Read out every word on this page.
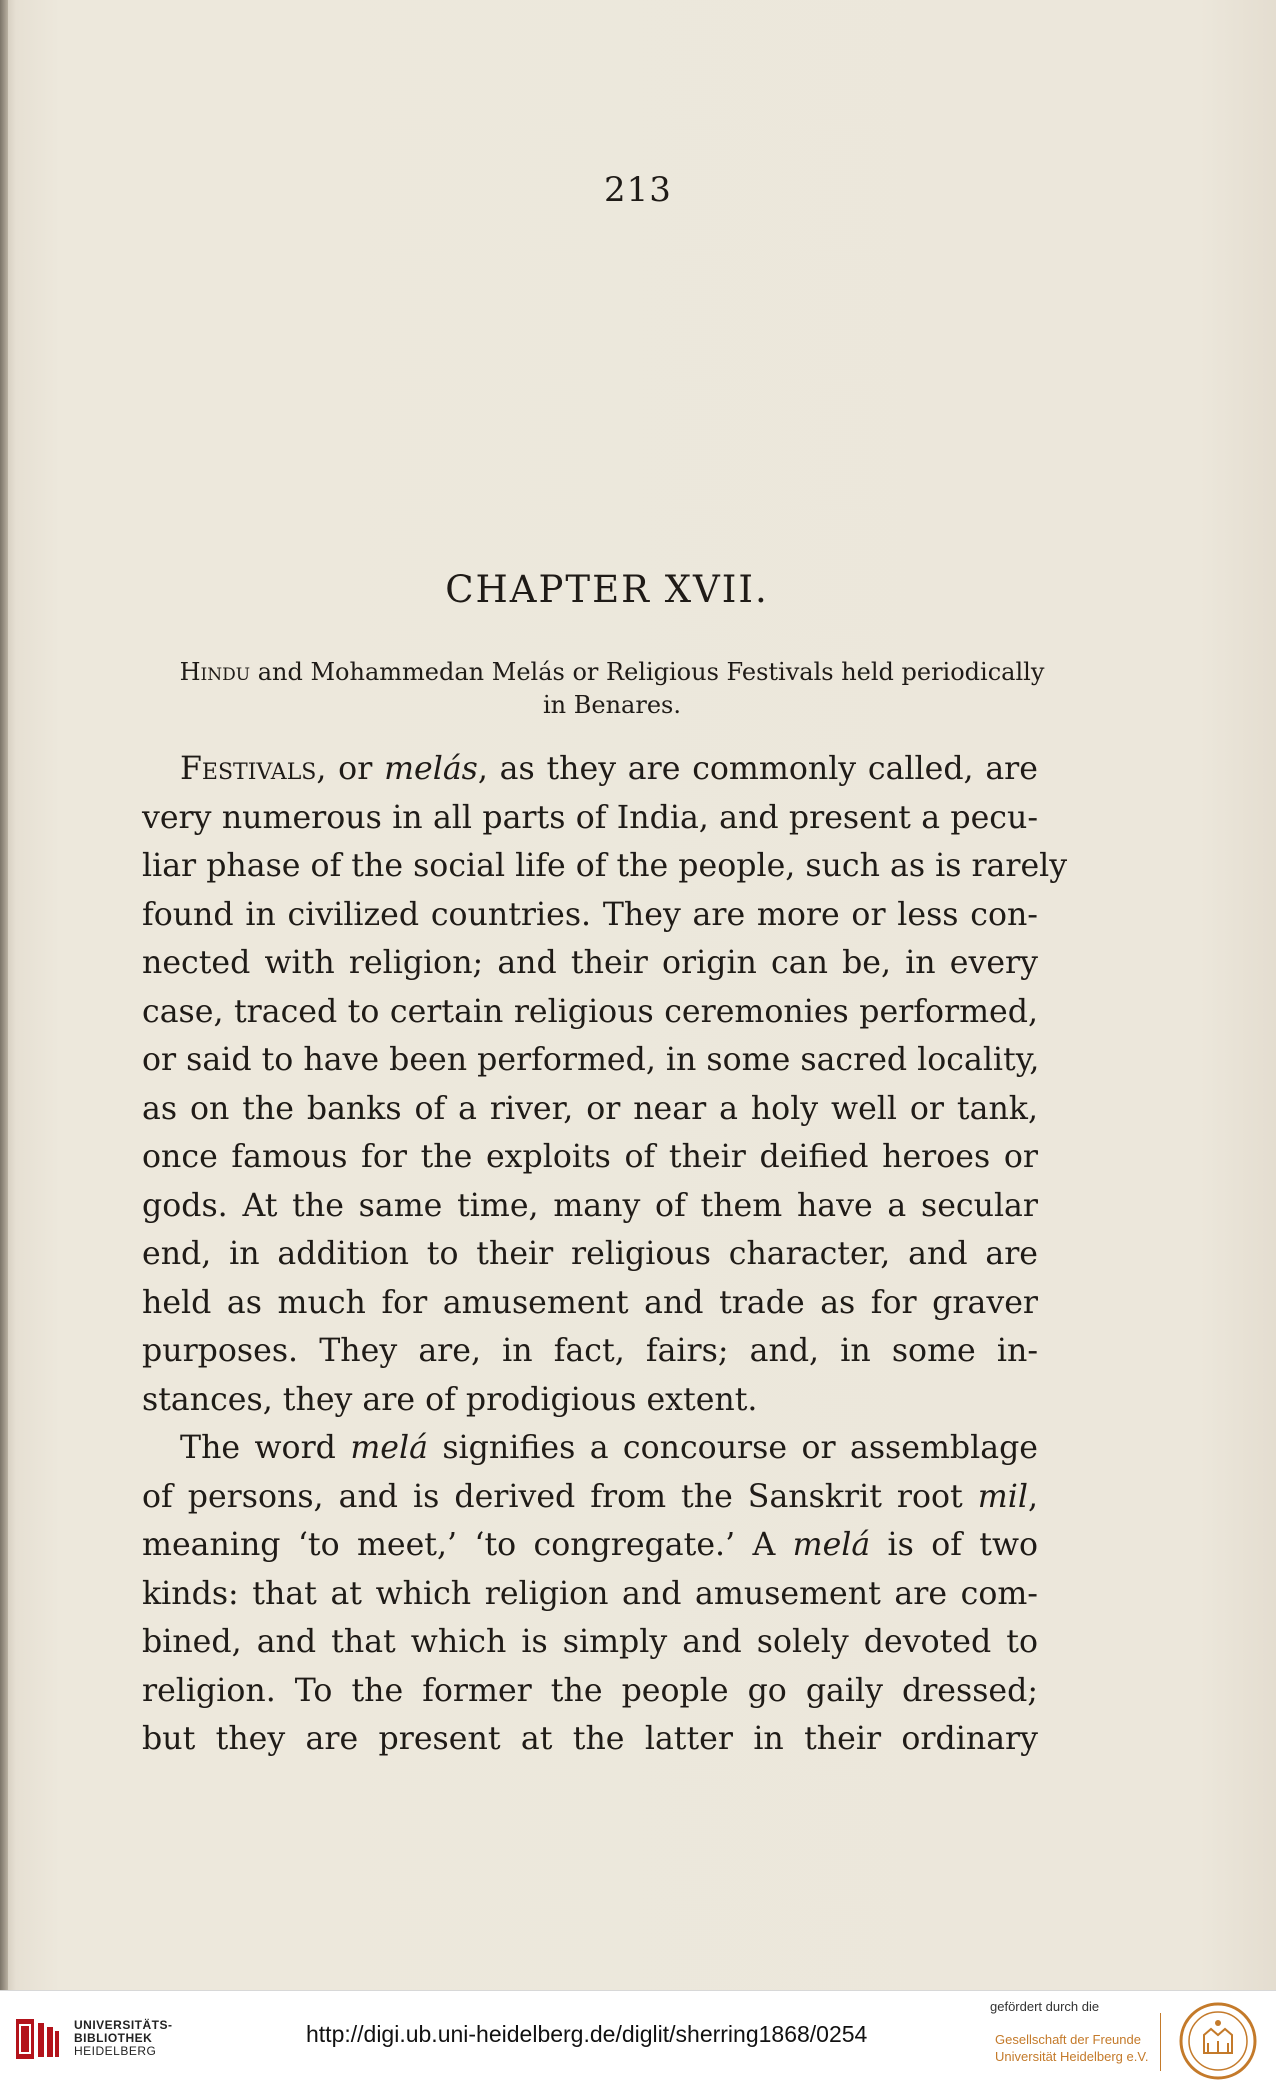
213
CHAPTER XVII.
Hindu and Mohammedan Melás or Religious Festivals held periodically
in Benares.
Festivals, or melás, as they are commonly called, are
very numerous in all parts of India, and present a pecu-
liar phase of the social life of the people, such as is rarely
found in civilized countries. They are more or less con-
nected with religion; and their origin can be, in every
case, traced to certain religious ceremonies performed,
or said to have been performed, in some sacred locality,
as on the banks of a river, or near a holy well or tank,
once famous for the exploits of their deified heroes or
gods. At the same time, many of them have a secular
end, in addition to their religious character, and are
held as much for amusement and trade as for graver
purposes. They are, in fact, fairs; and, in some in-
stances, they are of prodigious extent.
The word melá signifies a concourse or assemblage
of persons, and is derived from the Sanskrit root mil,
meaning ‘to meet,’ ‘to congregate.’ A melá is of two
kinds: that at which religion and amusement are com-
bined, and that which is simply and solely devoted to
religion. To the former the people go gaily dressed;
but they are present at the latter in their ordinary
UNIVERSITÄTS-
BIBLIOTHEK
HEIDELBERG
http://digi.ub.uni-heidelberg.de/diglit/sherring1868/0254
gefördert durch die
Gesellschaft der Freunde
Universität Heidelberg e.V.
